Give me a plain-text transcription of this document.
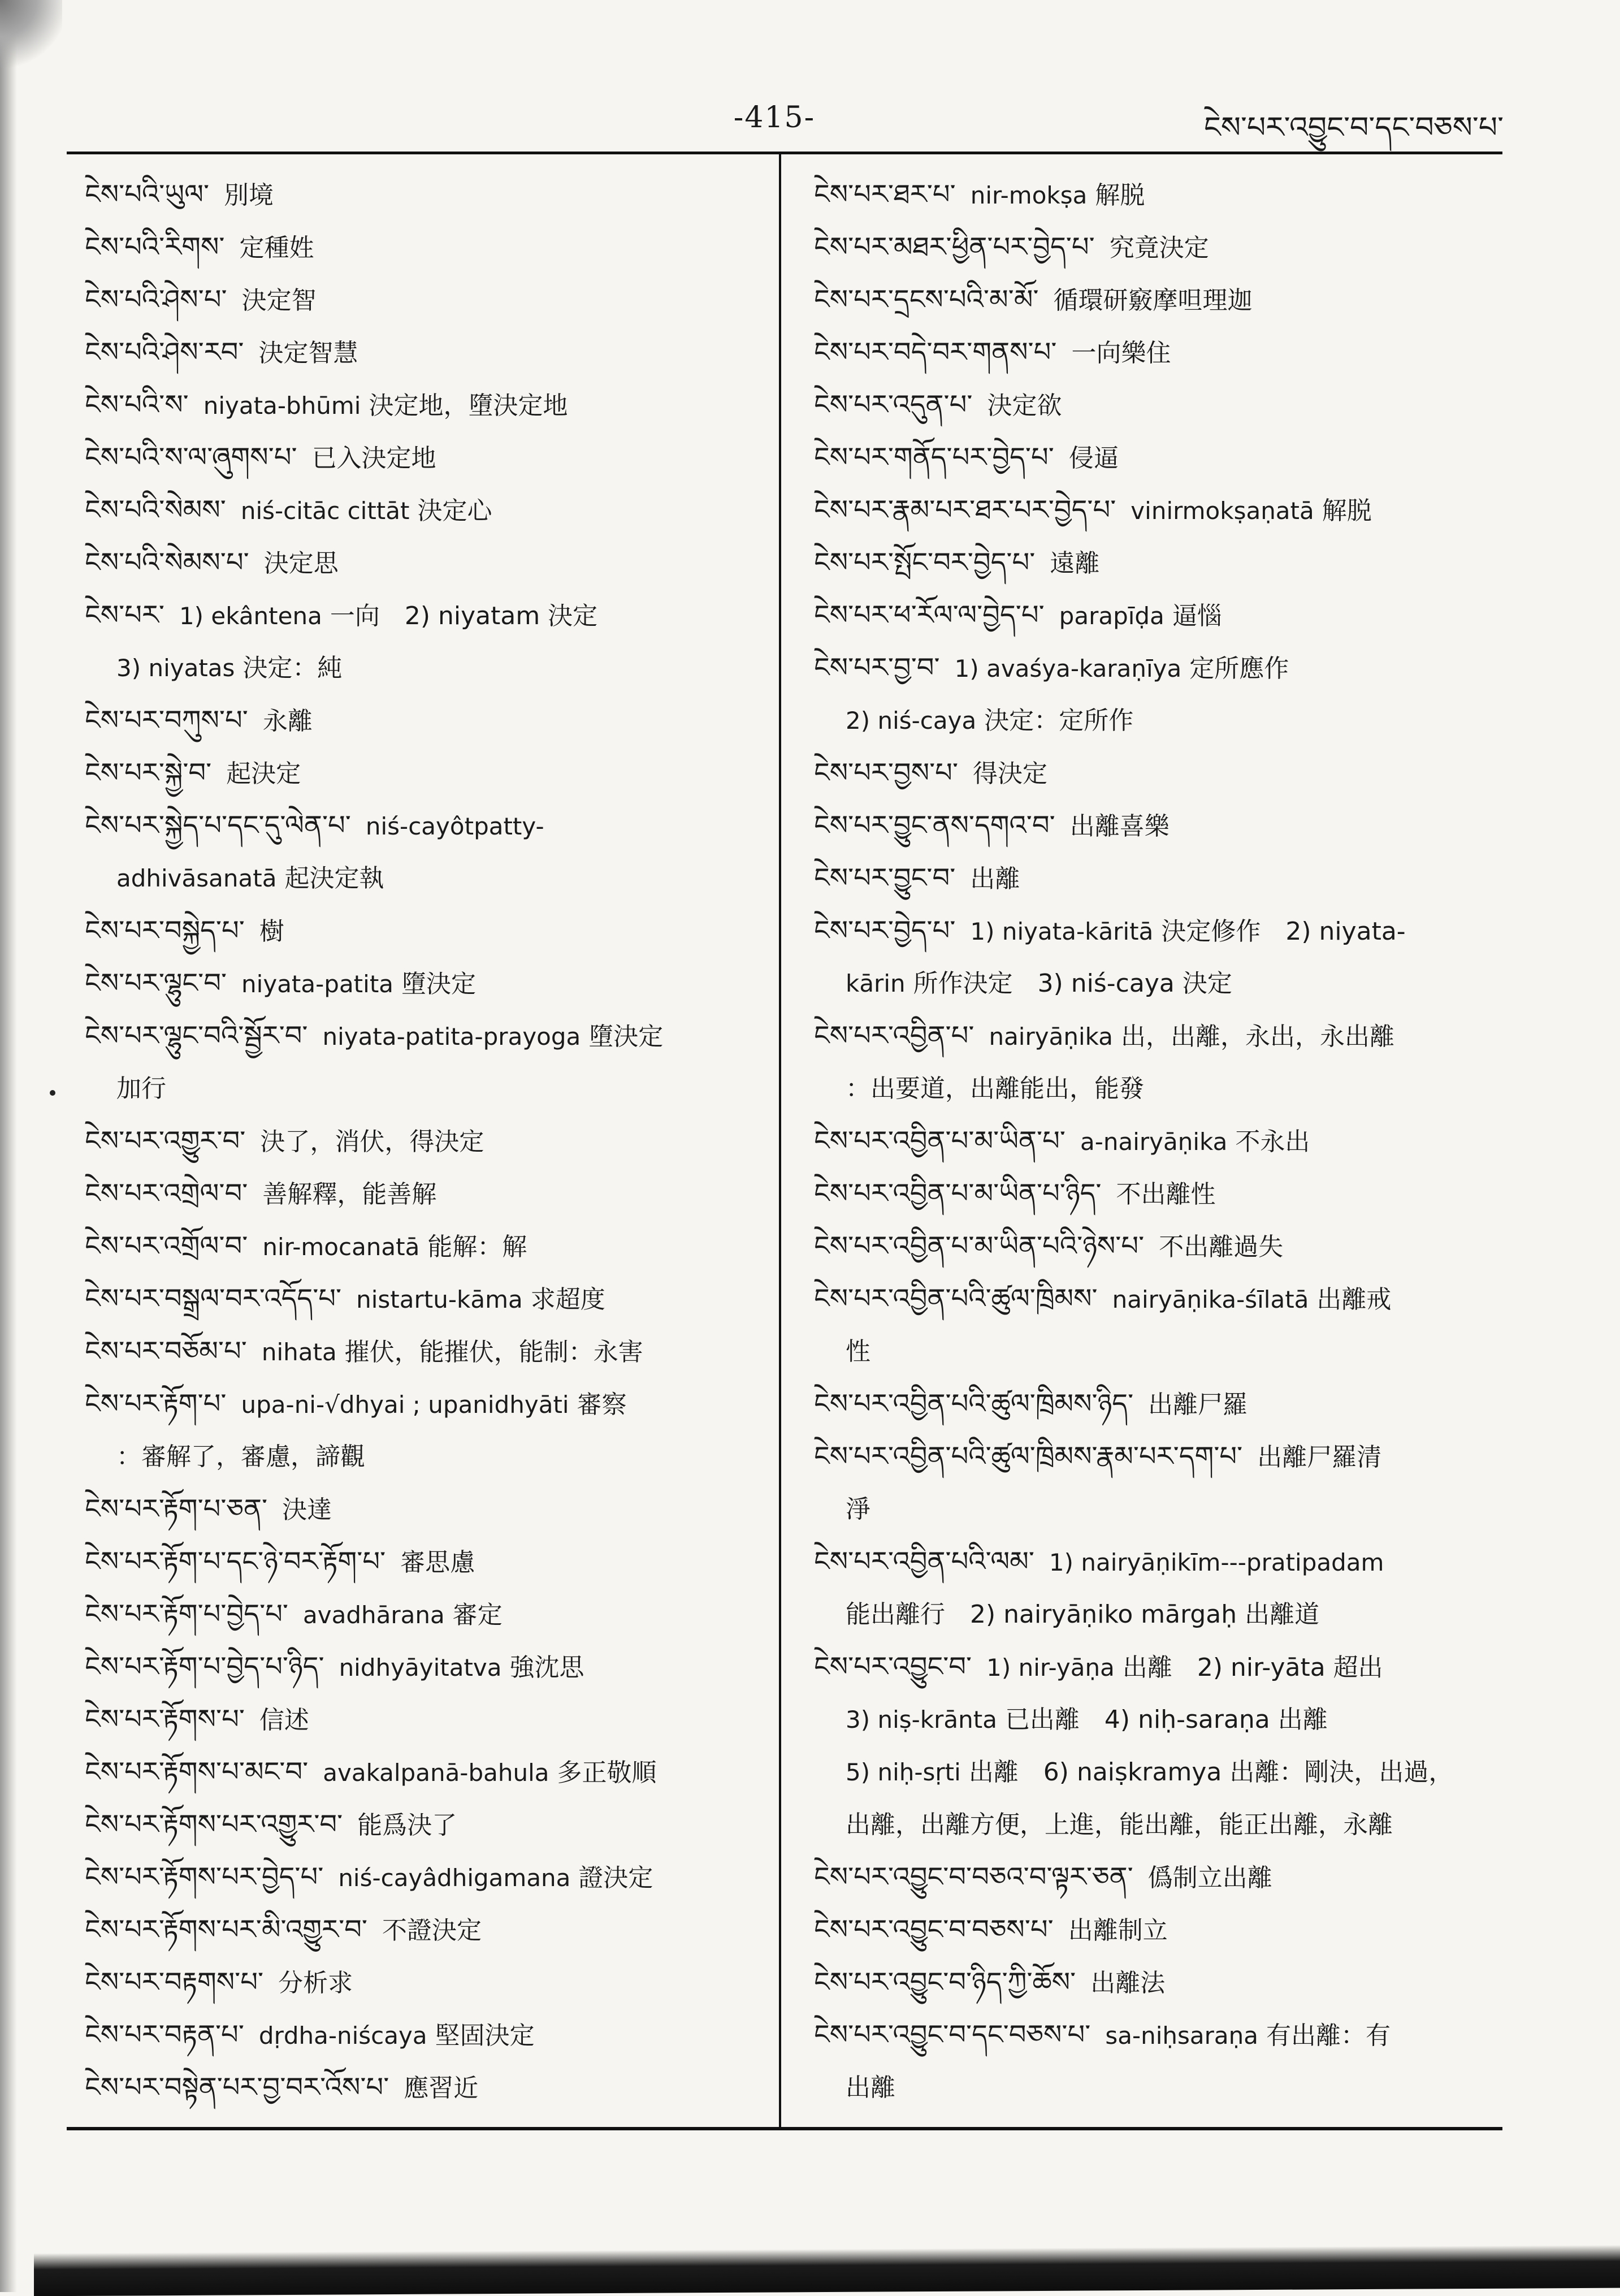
-415-	ངེས་པར་འབྱུང་བ་དང་བཅས་པ་
ངེས་པའི་ཡུལ་ 別境
ངེས་པའི་རིགས་ 定種姓
ངེས་པའི་ཤེས་པ་ 決定智
ངེས་པའི་ཤེས་རབ་ 決定智慧
ངེས་པའི་ས་ niyata-bhūmi 決定地，墮決定地
ངེས་པའི་ས་ལ་ཞུགས་པ་ 已入決定地
ངེས་པའི་སེམས་ niś-citāc cittāt 決定心
ངེས་པའི་སེམས་པ་ 決定思
ངེས་པར་ 1) ekântena 一向　2) niyatam 決定
3) niyatas 決定：純
ངེས་པར་བཀུས་པ་ 永離
ངེས་པར་སྐྱེ་བ་ 起決定
ངེས་པར་སྐྱེད་པ་དང་དུ་ལེན་པ་ niś-cayôtpatty-
adhivāsanatā 起決定執
ངེས་པར་བསྐྱེད་པ་ 樹
ངེས་པར་ལྷུང་བ་ niyata-patita 墮決定
ངེས་པར་ལྷུང་བའི་སྦྱོར་བ་ niyata-patita-prayoga 墮決定
加行
ངེས་པར་འགྱུར་བ་ 決了，消伏，得決定
ངེས་པར་འགྲེལ་བ་ 善解釋，能善解
ངེས་པར་འགྲོལ་བ་ nir-mocanatā 能解：解
ངེས་པར་བསྒྲལ་བར་འདོད་པ་ nistartu-kāma 求超度
ངེས་པར་བཅོམ་པ་ nihata 摧伏，能摧伏，能制：永害
ངེས་པར་རྟོག་པ་ upa-ni-√dhyai ; upanidhyāti 審察
：審解了，審慮，諦觀
ངེས་པར་རྟོག་པ་ཅན་ 決達
ངེས་པར་རྟོག་པ་དང་ཉེ་བར་རྟོག་པ་ 審思慮
ངེས་པར་རྟོག་པ་བྱེད་པ་ avadhārana 審定
ངེས་པར་རྟོག་པ་བྱེད་པ་ཉིད་ nidhyāyitatva 強沈思
ངེས་པར་རྟོགས་པ་ 信述
ངེས་པར་རྟོགས་པ་མང་བ་ avakalpanā-bahula 多正敬順
ངེས་པར་རྟོགས་པར་འགྱུར་བ་ 能爲決了
ངེས་པར་རྟོགས་པར་བྱེད་པ་ niś-cayâdhigamana 證決定
ངེས་པར་རྟོགས་པར་མི་འགྱུར་བ་ 不證決定
ངེས་པར་བརྟགས་པ་ 分析求
ངེས་པར་བརྟན་པ་ dṛdha-niścaya 堅固決定
ངེས་པར་བསྟེན་པར་བྱ་བར་འོས་པ་ 應習近
ངེས་པར་ཐར་པ་ nir-mokṣa 解脱
ངེས་པར་མཐར་ཕྱིན་པར་བྱེད་པ་ 究竟決定
ངེས་པར་དྲངས་པའི་མ་མོ་ 循環研竅摩呾理迦
ངེས་པར་བདེ་བར་གནས་པ་ 一向樂住
ངེས་པར་འདུན་པ་ 決定欲
ངེས་པར་གནོད་པར་བྱེད་པ་ 侵逼
ངེས་པར་རྣམ་པར་ཐར་པར་བྱེད་པ་ vinirmokṣaṇatā 解脱
ངེས་པར་སྤོང་བར་བྱེད་པ་ 遠離
ངེས་པར་ཕ་རོལ་ལ་བྱེད་པ་ parapīḍa 逼惱
ངེས་པར་བྱ་བ་ 1) avaśya-karaṇīya 定所應作
2) niś-caya 決定：定所作
ངེས་པར་བྱས་པ་ 得決定
ངེས་པར་བྱུང་ནས་དགའ་བ་ 出離喜樂
ངེས་པར་བྱུང་བ་ 出離
ངེས་པར་བྱེད་པ་ 1) niyata-kāritā 決定修作　2) niyata-
kārin 所作決定　3) niś-caya 決定
ངེས་པར་འབྱིན་པ་ nairyāṇika 出，出離，永出，永出離
：出要道，出離能出，能發
ངེས་པར་འབྱིན་པ་མ་ཡིན་པ་ a-nairyāṇika 不永出
ངེས་པར་འབྱིན་པ་མ་ཡིན་པ་ཉིད་ 不出離性
ངེས་པར་འབྱིན་པ་མ་ཡིན་པའི་ཉེས་པ་ 不出離過失
ངེས་པར་འབྱིན་པའི་ཚུལ་ཁྲིམས་ nairyāṇika-śīlatā 出離戒
性
ངེས་པར་འབྱིན་པའི་ཚུལ་ཁྲིམས་ཉིད་ 出離尸羅
ངེས་པར་འབྱིན་པའི་ཚུལ་ཁྲིམས་རྣམ་པར་དག་པ་ 出離尸羅清
淨
ངེས་པར་འབྱིན་པའི་ལམ་ 1) nairyāṇikīm---pratipadam
能出離行　2) nairyāṇiko mārgaḥ 出離道
ངེས་པར་འབྱུང་བ་ 1) nir-yāṇa 出離　2) nir-yāta 超出
3) niṣ-krānta 已出離　4) niḥ-saraṇa 出離
5) niḥ-sṛti 出離　6) naiṣkramya 出離：剛決，出過，
出離，出離方便，上進，能出離，能正出離，永離
ངེས་པར་འབྱུང་བ་བཅའ་བ་ལྟར་ཅན་ 僞制立出離
ངེས་པར་འབྱུང་བ་བཅས་པ་ 出離制立
ངེས་པར་འབྱུང་བ་ཉིད་ཀྱི་ཆོས་ 出離法
ངེས་པར་འབྱུང་བ་དང་བཅས་པ་ sa-niḥsaraṇa 有出離：有
出離
